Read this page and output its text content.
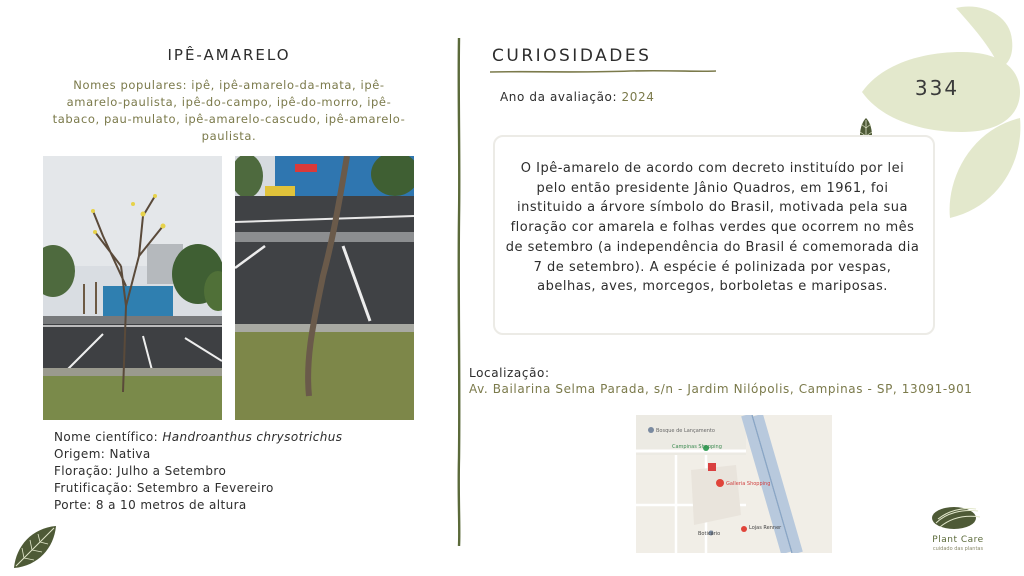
IPÊ-AMARELO
Nomes populares: ipê, ipê-amarelo-da-mata, ipê-amarelo-paulista, ipê-do-campo, ipê-do-morro, ipê-tabaco, pau-mulato, ipê-amarelo-cascudo, ipê-amarelo-paulista.
Nome científico: Handroanthus chrysotrichus
Origem: Nativa
Floração: Julho a Setembro
Frutificação: Setembro a Fevereiro
Porte: 8 a 10 metros de altura
CURIOSIDADES
Ano da avaliação: 2024	334
O Ipê-amarelo de acordo com decreto instituído por lei pelo então presidente Jânio Quadros, em 1961, foi instituido a árvore símbolo do Brasil, motivada pela sua floração cor amarela e folhas verdes que ocorrem no mês de setembro (a independência do Brasil é comemorada dia 7 de setembro). A espécie é polinizada por vespas, abelhas, aves, morcegos, borboletas e mariposas.
Localização:
Av. Bailarina Selma Parada, s/n - Jardim Nilópolis, Campinas - SP, 13091-901
Bosque de Lançamento
Campinas Shopping
Galleria Shopping
Lojas Renner
Boticário
Plant Care
cuidado das plantas
